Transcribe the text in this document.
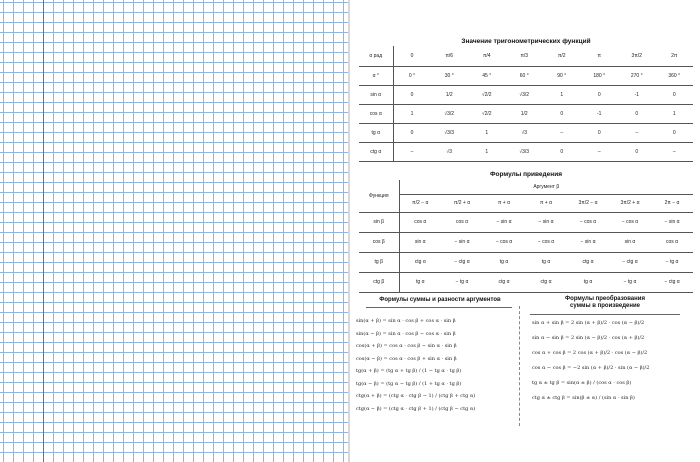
Значение тригонометрических функций
α рад	0	π/6	π/4	π/3	π/2	π	3π/2	2π
α °	0 °	30 °	45 °	60 °	90 °	180 °	270 °	360 °
sin α	0	1/2	√2/2	√3/2	1	0	-1	0
cos α	1	√3/2	√2/2	1/2	0	-1	0	1
tg α	0	√3/3	1	√3	–	0	–	0
ctg α	–	√3	1	√3/3	0	–	0	–
Формулы приведения
Функция	Аргумент β						
	π/2 − α	π/2 + α	π + α	π + α	3π/2 − α	3π/2 + α	2π − α
sin β	cos α	cos α	− sin α	− sin α	− cos α	− cos α	− sin α
cos β	sin α	− sin α	− cos α	− cos α	− sin α	sin α	cos α
tg β	ctg α	− ctg α	tg α	tg α	ctg α	− ctg α	− tg α
ctg β	tg α	− tg α	ctg α	ctg α	tg α	− tg α	− ctg α
Формулы суммы и разности аргументов	Формулы преобразования
суммы в произведение
sin(α + β) = sin α · cos β + cos α · sin β
sin(α − β) = sin α · cos β − cos α · sin β
cos(α + β) = cos α · cos β − sin α · sin β
cos(α − β) = cos α · cos β + sin α · sin β
tg(α + β) = (tg α + tg β) / (1 − tg α · tg β)
tg(α − β) = (tg α − tg β) / (1 + tg α · tg β)
ctg(α + β) = (ctg α · ctg β − 1) / (ctg β + ctg α)
ctg(α − β) = (ctg α · ctg β + 1) / (ctg β − ctg α)
sin α + sin β = 2 sin (α + β)/2 · cos (α − β)/2
sin α − sin β = 2 sin (α − β)/2 · cos (α + β)/2
cos α + cos β = 2 cos (α + β)/2 · cos (α − β)/2
cos α − cos β = −2 sin (α + β)/2 · sin (α − β)/2
tg α ± tg β = sin(α ± β) / (cos α · cos β)
ctg α ± ctg β = sin(β ± α) / (sin α · sin β)
